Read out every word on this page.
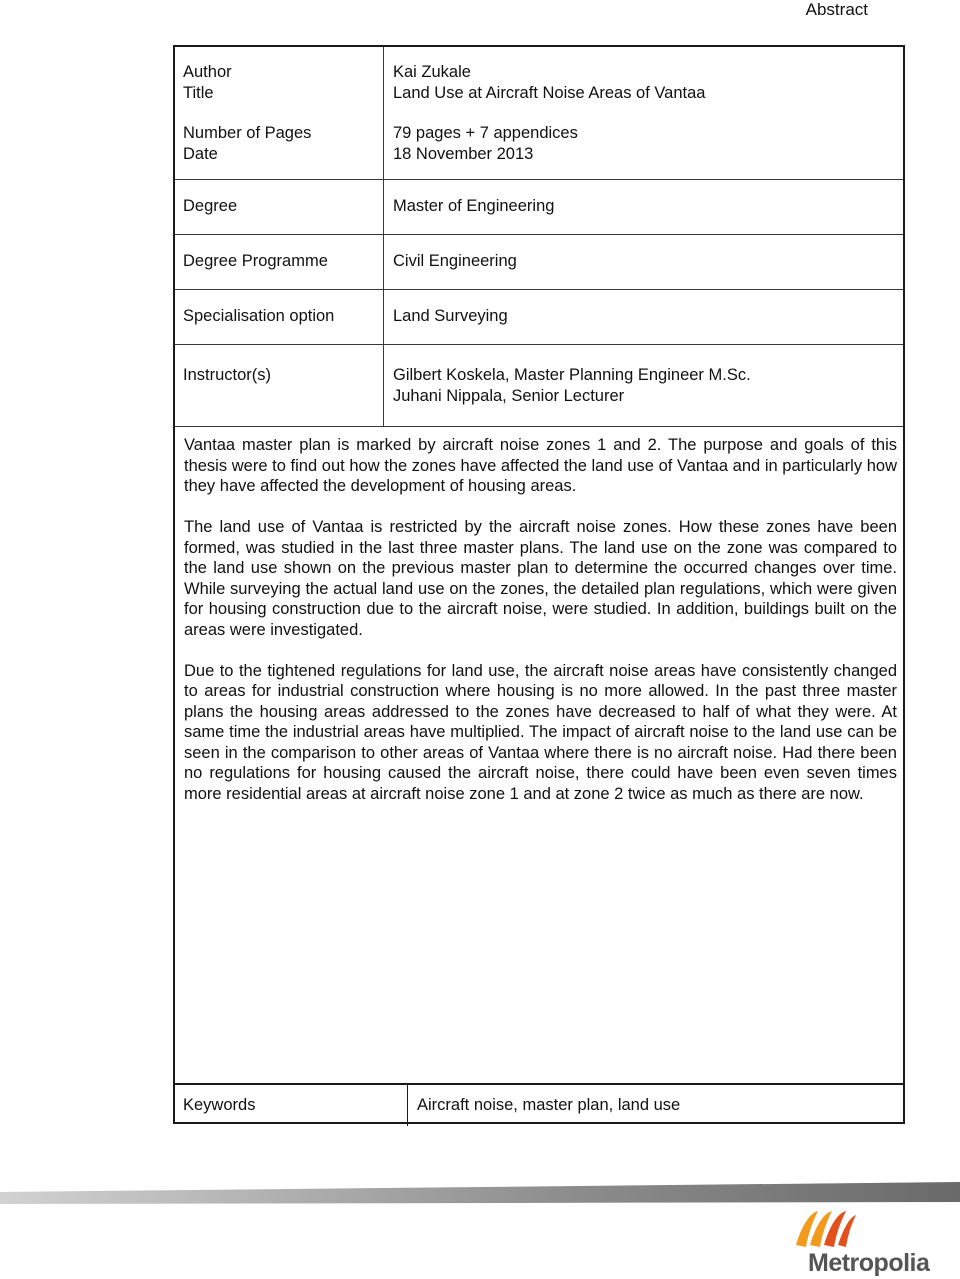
Abstract
Author
Title
Number of Pages
Date
Degree
Degree Programme
Specialisation option
Instructor(s)
Kai Zukale
Land Use at Aircraft Noise Areas of Vantaa
79 pages + 7 appendices
18 November 2013
Master of Engineering
Civil Engineering
Land Surveying
Gilbert Koskela, Master Planning Engineer M.Sc.
Juhani Nippala, Senior Lecturer

Vantaa master plan is marked by aircraft noise zones 1 and 2. The purpose and goals of this thesis were to find out how the zones have affected the land use of Vantaa and in particularly how they have affected the development of housing areas.

The land use of Vantaa is restricted by the aircraft noise zones. How these zones have been formed, was studied in the last three master plans. The land use on the zone was compared to the land use shown on the previous master plan to determine the occurred changes over time. While surveying the actual land use on the zones, the detailed plan regulations, which were given for housing construction due to the aircraft noise, were studied. In addition, buildings built on the areas were investigated.

Due to the tightened regulations for land use, the aircraft noise areas have consistently changed to areas for industrial construction where housing is no more allowed. In the past three master plans the housing areas addressed to the zones have decreased to half of what they were. At same time the industrial areas have multiplied. The impact of aircraft noise to the land use can be seen in the comparison to other areas of Vantaa where there is no aircraft noise. Had there been no regulations for housing caused the aircraft noise, there could have been even seven times more residential areas at aircraft noise zone 1 and at zone 2 twice as much as there are now.

Keywords	Aircraft noise, master plan, land use
Metropolia
